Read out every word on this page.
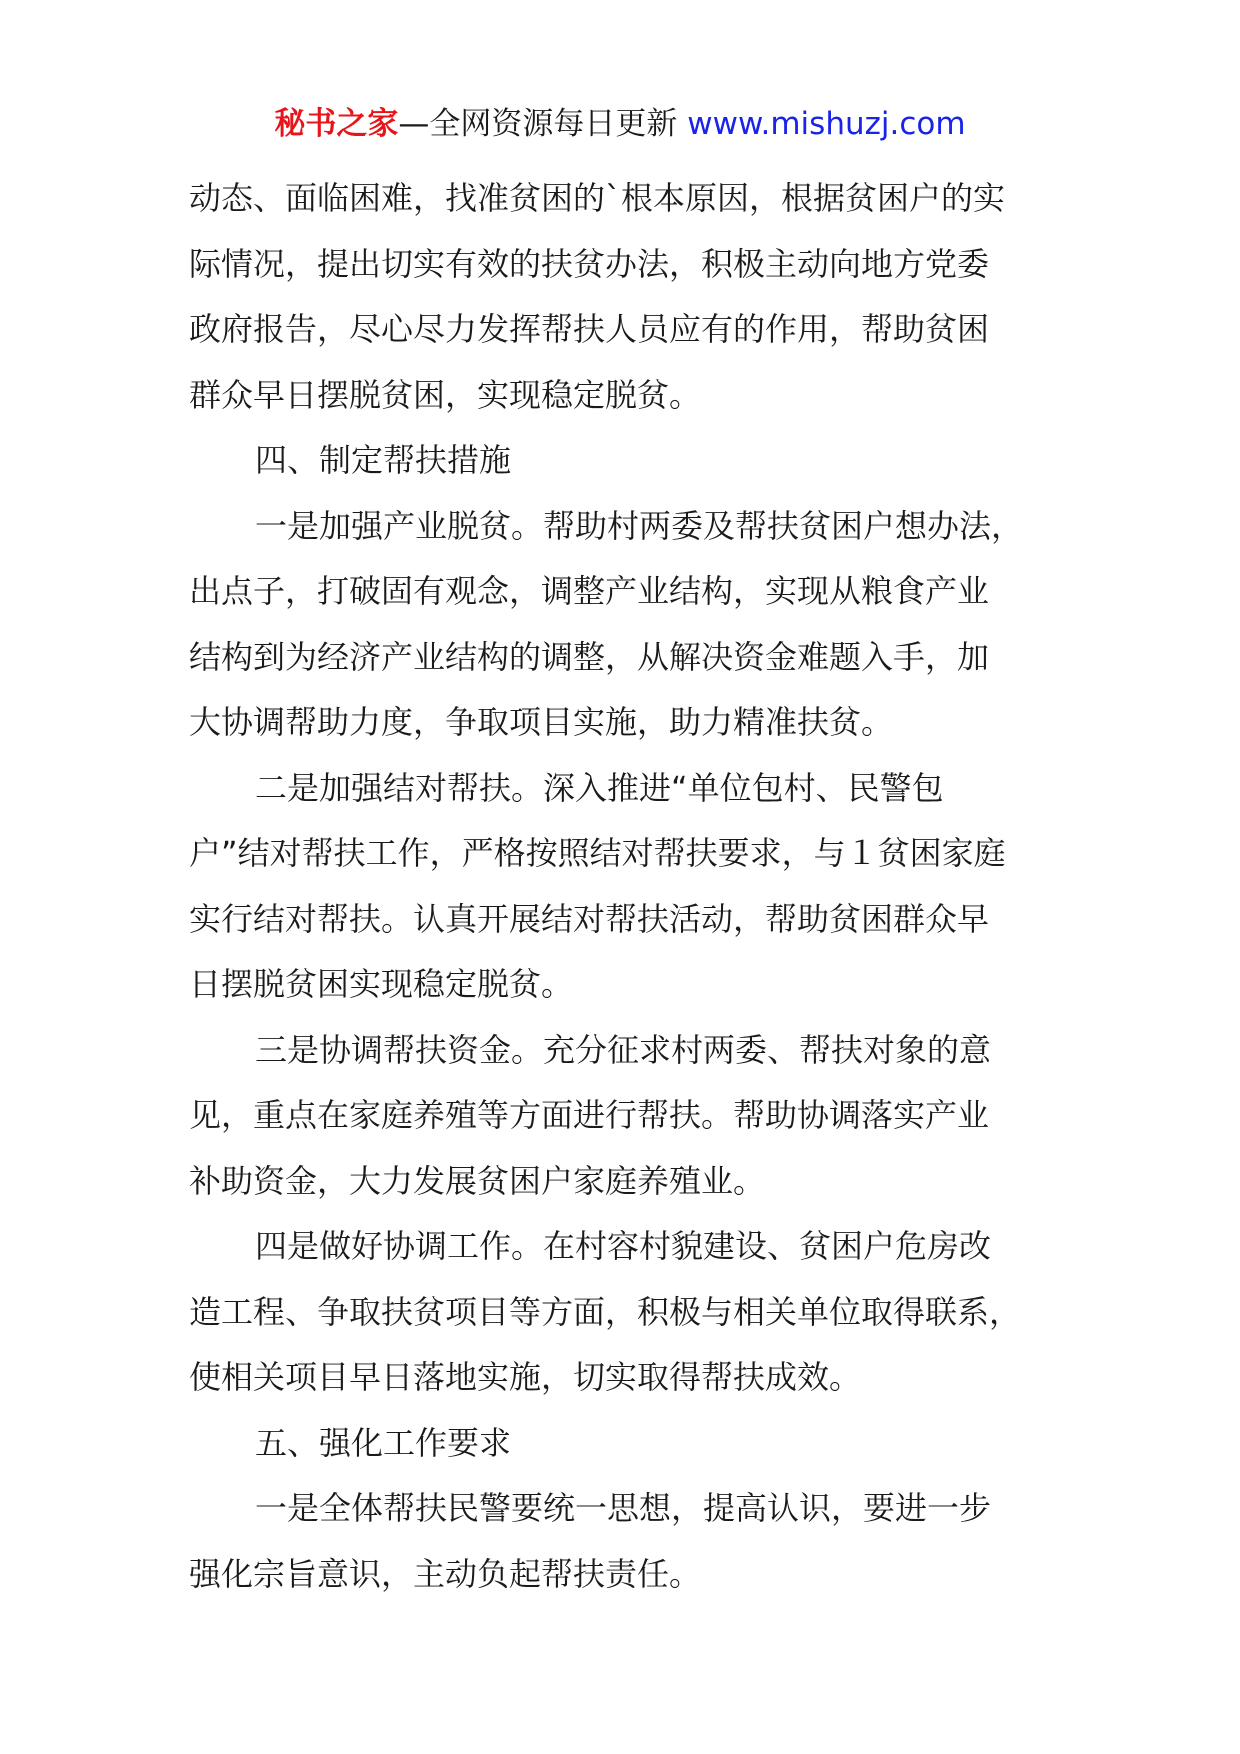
秘书之家—全网资源每日更新 www.mishuzj.com
动态、面临困难，找准贫困的`根本原因，根据贫困户的实
际情况，提出切实有效的扶贫办法，积极主动向地方党委
政府报告，尽心尽力发挥帮扶人员应有的作用，帮助贫困
群众早日摆脱贫困，实现稳定脱贫。
四、制定帮扶措施
一是加强产业脱贫。帮助村两委及帮扶贫困户想办法，
出点子，打破固有观念，调整产业结构，实现从粮食产业
结构到为经济产业结构的调整，从解决资金难题入手，加
大协调帮助力度，争取项目实施，助力精准扶贫。
二是加强结对帮扶。深入推进“单位包村、民警包
户”结对帮扶工作，严格按照结对帮扶要求，与１贫困家庭
实行结对帮扶。认真开展结对帮扶活动，帮助贫困群众早
日摆脱贫困实现稳定脱贫。
三是协调帮扶资金。充分征求村两委、帮扶对象的意
见，重点在家庭养殖等方面进行帮扶。帮助协调落实产业
补助资金，大力发展贫困户家庭养殖业。
四是做好协调工作。在村容村貌建设、贫困户危房改
造工程、争取扶贫项目等方面，积极与相关单位取得联系，
使相关项目早日落地实施，切实取得帮扶成效。
五、强化工作要求
一是全体帮扶民警要统一思想，提高认识，要进一步
强化宗旨意识，主动负起帮扶责任。
